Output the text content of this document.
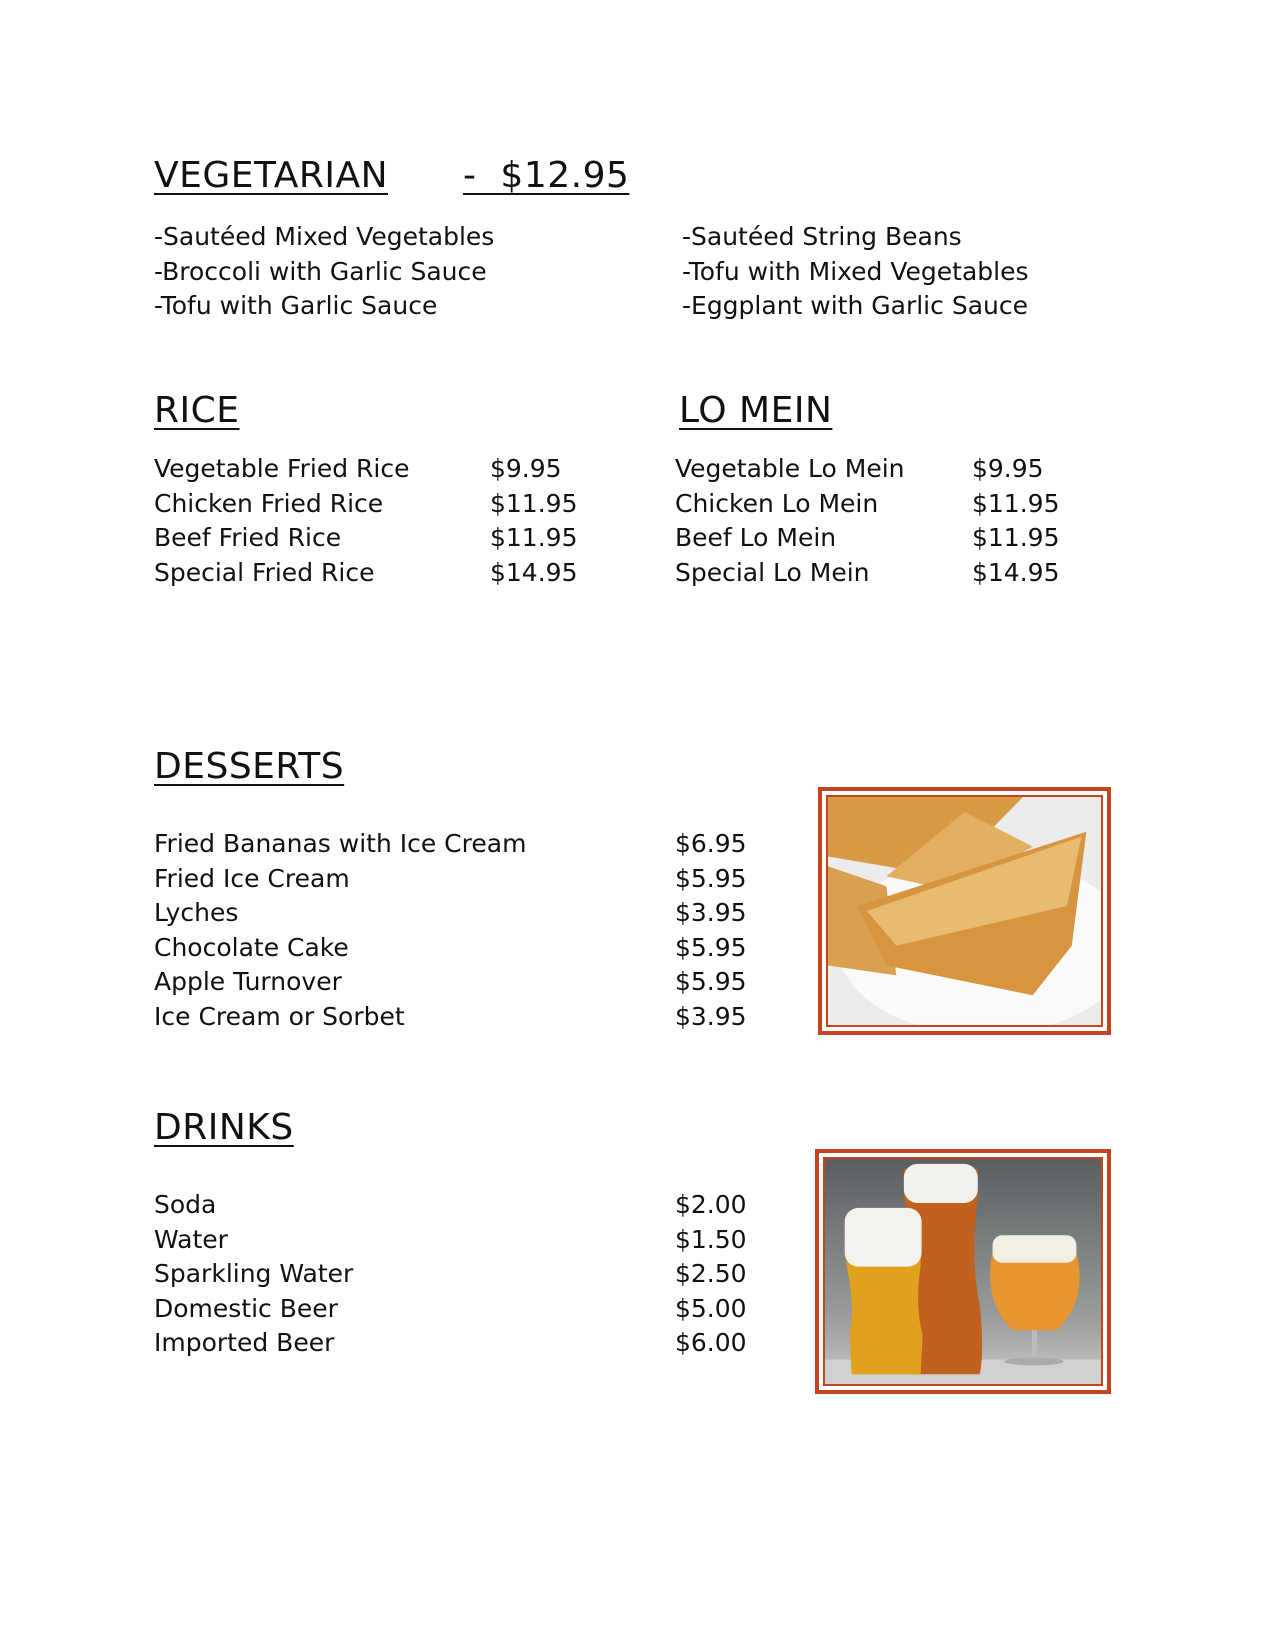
VEGETARIAN -  $12.95
-Sautéed Mixed Vegetables
-Broccoli with Garlic Sauce
-Tofu with Garlic Sauce
-Sautéed String Beans
-Tofu with Mixed Vegetables
-Eggplant with Garlic Sauce
RICE
Vegetable Fried Rice
Chicken Fried Rice
Beef Fried Rice
Special Fried Rice
$9.95
$11.95
$11.95
$14.95
LO MEIN
Vegetable Lo Mein
Chicken Lo Mein
Beef Lo Mein
Special Lo Mein
$9.95
$11.95
$11.95
$14.95
DESSERTS
Fried Bananas with Ice Cream
Fried Ice Cream
Lyches
Chocolate Cake
Apple Turnover
Ice Cream or Sorbet
$6.95
$5.95
$3.95
$5.95
$5.95
$3.95
DRINKS
Soda
Water
Sparkling Water
Domestic Beer
Imported Beer
$2.00
$1.50
$2.50
$5.00
$6.00
